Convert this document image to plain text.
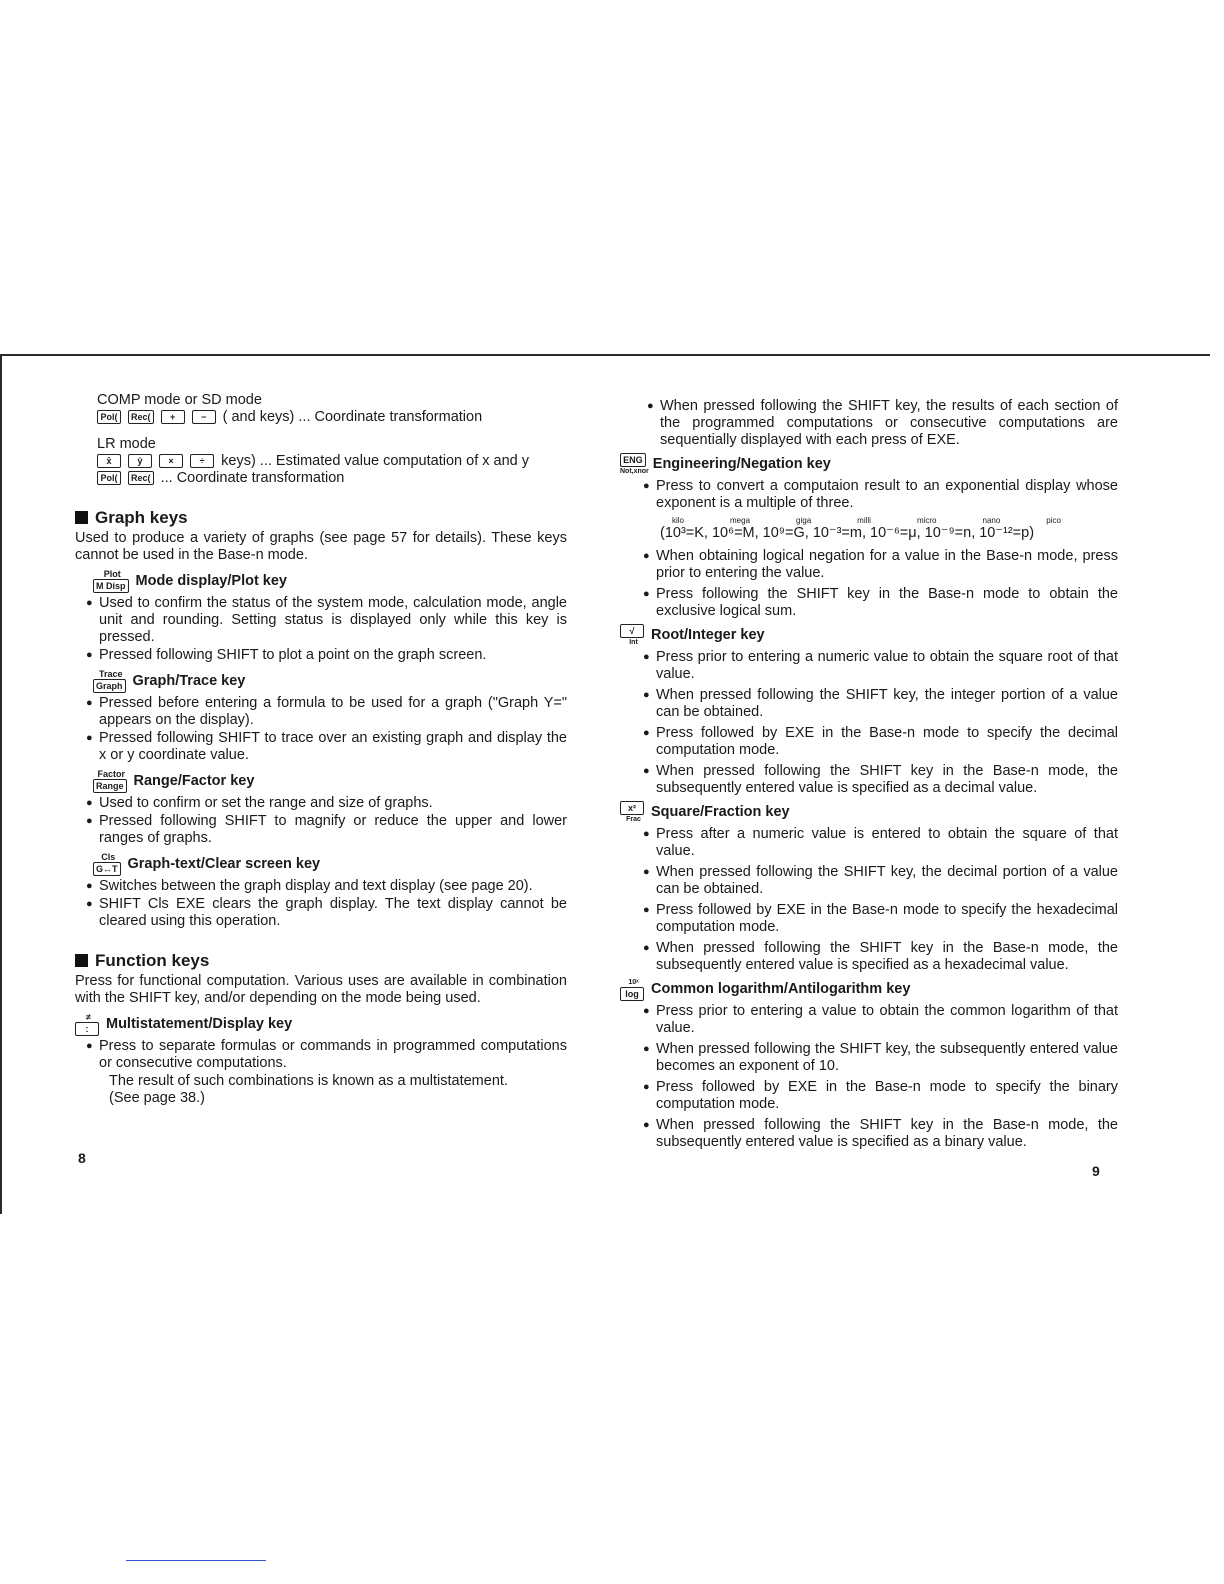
COMP mode or SD mode

Pol( Rec( +	− ( and keys) ... Coordinate transformation

LR mode

x̂	ŷ	×	÷ keys) ... Estimated value computation of x and y

Pol( Rec( ... Coordinate transformation

Graph keys

Used to produce a variety of graphs (see page 57 for details). These keys cannot be used in the Base-n mode.

Plot
M Disp Mode display/Plot key
● Used to confirm the status of the system mode, calculation mode, angle unit and rounding. Setting status is displayed only while this key is pressed.
● Pressed following SHIFT to plot a point on the graph screen.
Trace
Graph Graph/Trace key
● Pressed before entering a formula to be used for a graph ("Graph Y=" appears on the display).
● Pressed following SHIFT to trace over an existing graph and display the x or y coordinate value.
Factor
Range Range/Factor key
● Used to confirm or set the range and size of graphs.
● Pressed following SHIFT to magnify or reduce the upper and lower ranges of graphs.
Cls
G↔T Graph-text/Clear screen key
● Switches between the graph display and text display (see page 20).
● SHIFT Cls EXE clears the graph display. The text display cannot be cleared using this operation.
Function keys

Press for functional computation. Various uses are available in combination with the SHIFT key, and/or depending on the mode being used.

≠
:	Multistatement/Display key
● Press to separate formulas or commands in programmed computations or consecutive computations.

The result of such combinations is known as a multistatement.

(See page 38.)

8
● When pressed following the SHIFT key, the results of each section of the programmed computations or consecutive computations are sequentially displayed with each press of EXE.
ENG
Not,xnor Engineering/Negation key
● Press to convert a computaion result to an exponential display whose exponent is a multiple of three.
kilo	mega	giga	milli	micro	nano	pico

(10³=K, 10⁶=M, 10⁹=G, 10⁻³=m, 10⁻⁶=μ, 10⁻⁹=n, 10⁻¹²=p)

● When obtaining logical negation for a value in the Base-n mode, press prior to entering the value.
● Press following the SHIFT key in the Base-n mode to obtain the exclusive logical sum.
√
Int Root/Integer key
● Press prior to entering a numeric value to obtain the square root of that value.
● When pressed following the SHIFT key, the integer portion of a value can be obtained.
● Press followed by EXE in the Base-n mode to specify the decimal computation mode.
● When pressed following the SHIFT key in the Base-n mode, the subsequently entered value is specified as a decimal value.
x²
Frac Square/Fraction key
● Press after a numeric value is entered to obtain the square of that value.
● When pressed following the SHIFT key, the decimal portion of a value can be obtained.
● Press followed by EXE in the Base-n mode to specify the hexadecimal computation mode.
● When pressed following the SHIFT key in the Base-n mode, the subsequently entered value is specified as a hexadecimal value.
10ˣ
log Common logarithm/Antilogarithm key
● Press prior to entering a value to obtain the common logarithm of that value.
● When pressed following the SHIFT key, the subsequently entered value becomes an exponent of 10.
● Press followed by EXE in the Base-n mode to specify the binary computation mode.
● When pressed following the SHIFT key in the Base-n mode, the subsequently entered value is specified as a binary value.
9
